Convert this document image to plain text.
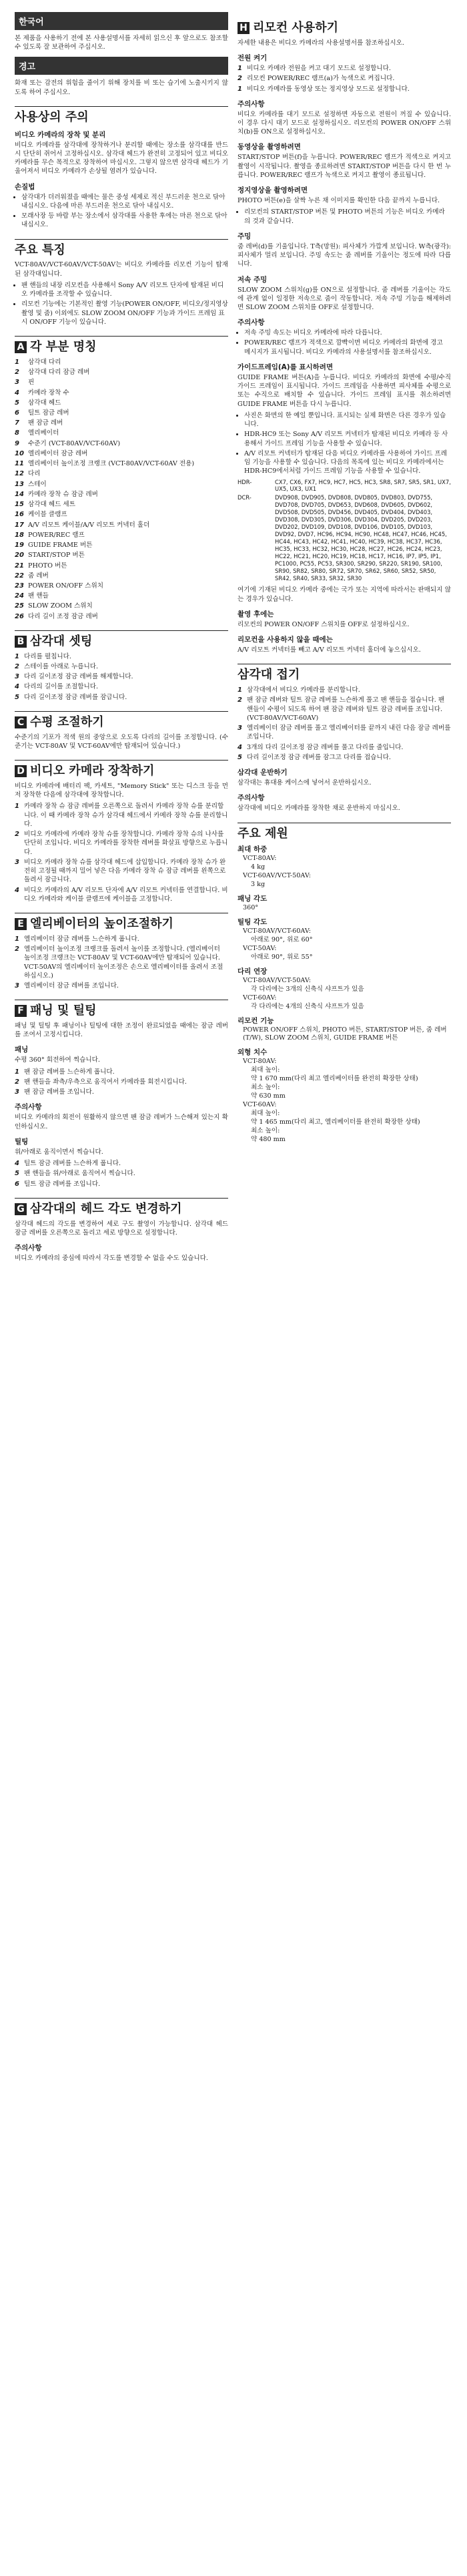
한국어

본 제품을 사용하기 전에 본 사용설명서를 자세히 읽으신 후 앞으로도 참조할 수 있도록 잘 보관하여 주십시오.

경고

화재 또는 감전의 위험을 줄이기 위해 장치를 비 또는 습기에 노출시키지 않도록 하여 주십시오.

사용상의 주의
비디오 카메라의 장착 및 분리

비디오 카메라를 삼각대에 장착하거나 분리할 때에는 장소를 삼각대를 반드시 단단히 쥐어서 고정하십시오. 삼각대 헤드가 완전히 고정되어 있고 비디오 카메라를 무슨 목적으로 장착하여 마십시오. 그렇지 않으면 삼각대 헤드가 기울어져서 비디오 카메라가 손상될 염려가 있습니다.

손질법
• 삼각대가 더러워졌을 때에는 물은 중성 세제로 적신 부드러운 천으로 닦아 내십시오. 다음에 마른 부드러운 천으로 닦아 내십시오.
• 모래사장 등 바람 부는 장소에서 삼각대를 사용한 후에는 마른 천으로 닦아 내십시오.
주요 특징

VCT-80AV/VCT-60AV/VCT-50AV는 비디오 카메라를 리모컨 기능이 탑재된 삼각대입니다.

• 팬 핸들의 내장 리모컨을 사용해서 Sony A/V 리모트 단자에 탑재된 비디오 카메라를 조작할 수 있습니다.
• 리모컨 기능에는 기본적인 촬영 기능(POWER ON/OFF, 비디오/정지영상 촬영 및 줌) 이외에도 SLOW ZOOM ON/OFF 기능과 가이드 프레임 표시 ON/OFF 기능이 있습니다.
A 각 부분 명칭
1 삼각대 다리
2 삼각대 다리 잠금 레버
3 핀
4 카메라 장착 수
5 삼각대 헤드
6 틸트 잠금 레버
7 팬 잠금 레버
8 엘리베이터
9 수준기 (VCT-80AV/VCT-60AV)
10 엘리베이터 잠금 레버
11 엘리베이터 높이조정 크랭크 (VCT-80AV/VCT-60AV 전용)
12 다리
13 스테이
14 카메라 장착 슈 잠금 레버
15 삼각대 헤드 세트
16 케이블 클램프
17 A/V 리모트 케이블/A/V 리모트 커넥터 홀더
18 POWER/REC 램프
19 GUIDE FRAME 버튼
20 START/STOP 버튼
21 PHOTO 버튼
22 줌 레버
23 POWER ON/OFF 스위치
24 팬 핸들
25 SLOW ZOOM 스위치
26 다리 길이 조정 잠금 레버
B 삼각대 셋팅
1 다리를 펼칩니다.
2 스테이를 아래로 누릅니다.
3 다리 길이조정 잠금 레버를 해제합니다.
4 다리의 길이를 조절합니다.
5 다리 길이조정 잠금 레버를 잠급니다.
C 수평 조절하기

수준기의 기포가 적색 원의 중앙으로 오도록 다리의 길이를 조정합니다. (수준기는 VCT-80AV 및 VCT-60AV에만 탑재되어 있습니다.)

D 비디오 카메라 장착하기

비디오 카메라에 배터리 팩, 카세트, "Memory Stick" 또는 디스크 등을 먼저 장착한 다음에 삼각대에 장착합니다.

1 카메라 장착 슈 잠금 레버를 오른쪽으로 돌려서 카메라 장착 슈를 분리합니다. 이 때 카메라 장착 슈가 삼각대 헤드에서 카메라 장착 슈를 분리합니다.
2 비디오 카메라에 카메라 장착 슈를 장착합니다. 카메라 장착 슈의 나사를 단단히 조입니다. 비디오 카메라를 장착한 레버를 화살표 방향으로 누릅니다.
3 비디오 카메라 장착 슈를 삼각대 헤드에 삽입합니다. 카메라 장착 슈가 완전히 고정될 때까지 밀어 넣은 다음 카메라 장착 슈 잠금 레버를 왼쪽으로 돌려서 잠급니다.
4 비디오 카메라의 A/V 리모트 단자에 A/V 리모트 커넥터를 연결합니다. 비디오 카메라와 케이블 클램프에 케이블을 고정합니다.
E 엘리베이터의 높이조절하기
1 엘리베이터 잠금 레버를 느슨하게 풉니다.
2 엘리베이터 높이조정 크랭크를 돌려서 높이를 조정합니다. (엘리베이터 높이조정 크랭크는 VCT-80AV 및 VCT-60AV에만 탑재되어 있습니다. VCT-50AV의 엘리베이터 높이조정은 손으로 엘리베이터를 올려서 조절하십시오.)
3 엘리베이터 잠금 레버를 조입니다.
F 패닝 및 틸팅

패닝 및 틸팅 후 패닝이나 틸팅에 대한 조정이 완료되었을 때에는 잠금 레버를 조여서 고정시킵니다.

패닝

수평 360° 회전하여 찍습니다.

1 팬 잠금 레버를 느슨하게 풉니다.
2 팬 핸들을 좌측/우측으로 움직여서 카메라를 회전시킵니다.
3 팬 잠금 레버를 조입니다.
주의사항

비디오 카메라의 회전이 원활하지 않으면 팬 잠금 레버가 느슨해져 있는지 확인하십시오.

틸팅

위/아래로 움직이면서 찍습니다.

4 틸트 잠금 레버를 느슨하게 풉니다.
5 팬 핸들을 위/아래로 움직여서 찍습니다.
6 틸트 잠금 레버를 조입니다.
G 삼각대의 헤드 각도 변경하기

삼각대 헤드의 각도를 변경하여 세로 구도 촬영이 가능합니다. 삼각대 헤드 잠금 레버를 오른쪽으로 돌리고 세로 방향으로 설정합니다.

주의사항

비디오 카메라의 중심에 따라서 각도를 변경할 수 없을 수도 있습니다.

H 리모컨 사용하기

자세한 내용은 비디오 카메라의 사용설명서를 참조하십시오.

전원 켜기
1 비디오 카메라 전원을 켜고 대기 모드로 설정합니다.
2 리모컨 POWER/REC 램프(a)가 녹색으로 켜집니다.
1 비디오 카메라를 동영상 또는 정지영상 모드로 설정합니다.
주의사항

비디오 카메라를 대기 모드로 설정하면 자동으로 전원이 꺼질 수 있습니다. 이 경우 다시 대기 모드로 설정하십시오. 리모컨의 POWER ON/OFF 스위치(b)를 ON으로 설정하십시오.

동영상을 촬영하려면

START/STOP 버튼(f)을 누릅니다. POWER/REC 램프가 적색으로 켜지고 촬영이 시작됩니다. 촬영을 종료하려면 START/STOP 버튼을 다시 한 번 누릅니다. POWER/REC 램프가 녹색으로 켜지고 촬영이 종료됩니다.

정지영상을 촬영하려면

PHOTO 버튼(e)을 살짝 누른 채 이미지를 확인한 다음 끝까지 누릅니다.

• 리모컨의 START/STOP 버튼 및 PHOTO 버튼의 기능은 비디오 카메라의 것과 같습니다.
주밍

줌 레버(d)를 기울입니다. T측(망원): 피사체가 가깝게 보입니다. W측(광각): 피사체가 멀리 보입니다. 주밍 속도는 줌 레버를 기울이는 정도에 따라 다릅니다.

저속 주밍

SLOW ZOOM 스위치(g)를 ON으로 설정합니다. 줌 레버를 기울이는 각도에 관계 없이 일정한 저속으로 줌이 작동합니다. 저속 주밍 기능을 해제하려면 SLOW ZOOM 스위치를 OFF로 설정합니다.

주의사항
• 저속 주밍 속도는 비디오 카메라에 따라 다릅니다.
• POWER/REC 램프가 적색으로 깜빡이면 비디오 카메라의 화면에 경고 메시지가 표시됩니다. 비디오 카메라의 사용설명서를 참조하십시오.
가이드프레임(A)를 표시하려면

GUIDE FRAME 버튼(A)을 누릅니다. 비디오 카메라의 화면에 수평/수직 가이드 프레임이 표시됩니다. 가이드 프레임을 사용하면 피사체를 수평으로 또는 수직으로 배치할 수 있습니다. 가이드 프레임 표시를 취소하려면 GUIDE FRAME 버튼을 다시 누릅니다.

• 사진은 화면의 한 예일 뿐입니다. 표시되는 실제 화면은 다른 경우가 있습니다.
• HDR-HC9 또는 Sony A/V 리모트 커넥터가 탑재된 비디오 카메라 등 사용해서 가이드 프레임 기능을 사용할 수 있습니다.
• A/V 리모트 커넥터가 탑재된 다음 비디오 카메라를 사용하여 가이드 프레임 기능을 사용할 수 있습니다. 다음의 목록에 있는 비디오 카메라에서는 HDR-HC9에서처럼 가이드 프레임 기능을 사용할 수 있습니다.
HDR-	CX7, CX6, FX7, HC9, HC7, HC5, HC3, SR8, SR7, SR5, SR1, UX7, UX5, UX3, UX1
DCR-	DVD908, DVD905, DVD808, DVD805, DVD803, DVD755, DVD708, DVD705, DVD653, DVD608, DVD605, DVD602, DVD508, DVD505, DVD456, DVD405, DVD404, DVD403, DVD308, DVD305, DVD306, DVD304, DVD205, DVD203, DVD202, DVD109, DVD108, DVD106, DVD105, DVD103, DVD92, DVD7, HC96, HC94, HC90, HC48, HC47, HC46, HC45, HC44, HC43, HC42, HC41, HC40, HC39, HC38, HC37, HC36, HC35, HC33, HC32, HC30, HC28, HC27, HC26, HC24, HC23, HC22, HC21, HC20, HC19, HC18, HC17, HC16, IP7, IP5, IP1, PC1000, PC55, PC53, SR300, SR290, SR220, SR190, SR100, SR90, SR82, SR80, SR72, SR70, SR62, SR60, SR52, SR50, SR42, SR40, SR33, SR32, SR30

여기에 기재된 비디오 카메라 중에는 국가 또는 지역에 따라서는 판매되지 않는 경우가 있습니다.

촬영 후에는

리모컨의 POWER ON/OFF 스위치를 OFF로 설정하십시오.

리모컨을 사용하지 않을 때에는

A/V 리모트 커넥터를 빼고 A/V 리모트 커넥터 홀더에 놓으십시오.

삼각대 접기
1 삼각대에서 비디오 카메라를 분리합니다.
2 팬 잠금 레버와 틸트 잠금 레버를 느슨하게 풀고 팬 핸들을 접습니다. 팬 핸들이 수평이 되도록 하여 팬 잠금 레버와 틸트 잠금 레버를 조입니다. (VCT-80AV/VCT-60AV)
3 엘리베이터 잠금 레버를 풀고 엘리베이터를 끝까지 내린 다음 잠금 레버를 조입니다.
4 3개의 다리 길이조정 잠금 레버를 풀고 다리를 줄입니다.
5 다리 길이조정 잠금 레버를 잠그고 다리를 접습니다.
삼각대 운반하기

삼각대는 휴대용 케이스에 넣어서 운반하십시오.

주의사항

삼각대에 비디오 카메라를 장착한 채로 운반하지 마십시오.

주요 제원
최대 하중
VCT-80AV:
4 kg
VCT-60AV/VCT-50AV:
3 kg
패닝 각도
360°
틸팅 각도
VCT-80AV/VCT-60AV:
아래로 90°, 위로 60°
VCT-50AV:
아래로 90°, 위로 55°
다리 연장
VCT-80AV/VCT-50AV:
각 다리에는 3개의 신축식 샤프트가 있음
VCT-60AV:
각 다리에는 4개의 신축식 샤프트가 있음
리모컨 기능
POWER ON/OFF 스위치, PHOTO 버튼, START/STOP 버튼, 줌 레버(T/W), SLOW ZOOM 스위치, GUIDE FRAME 버튼
외형 치수
VCT-80AV:
최대 높이:
약 1 670 mm(다리 최고 엘리베이터를 완전히 확장한 상태)
최소 높이:
약 630 mm
VCT-60AV:
최대 높이:
약 1 465 mm(다리 최고, 엘리베이터를 완전히 확장한 상태)
최소 높이:
약 480 mm
